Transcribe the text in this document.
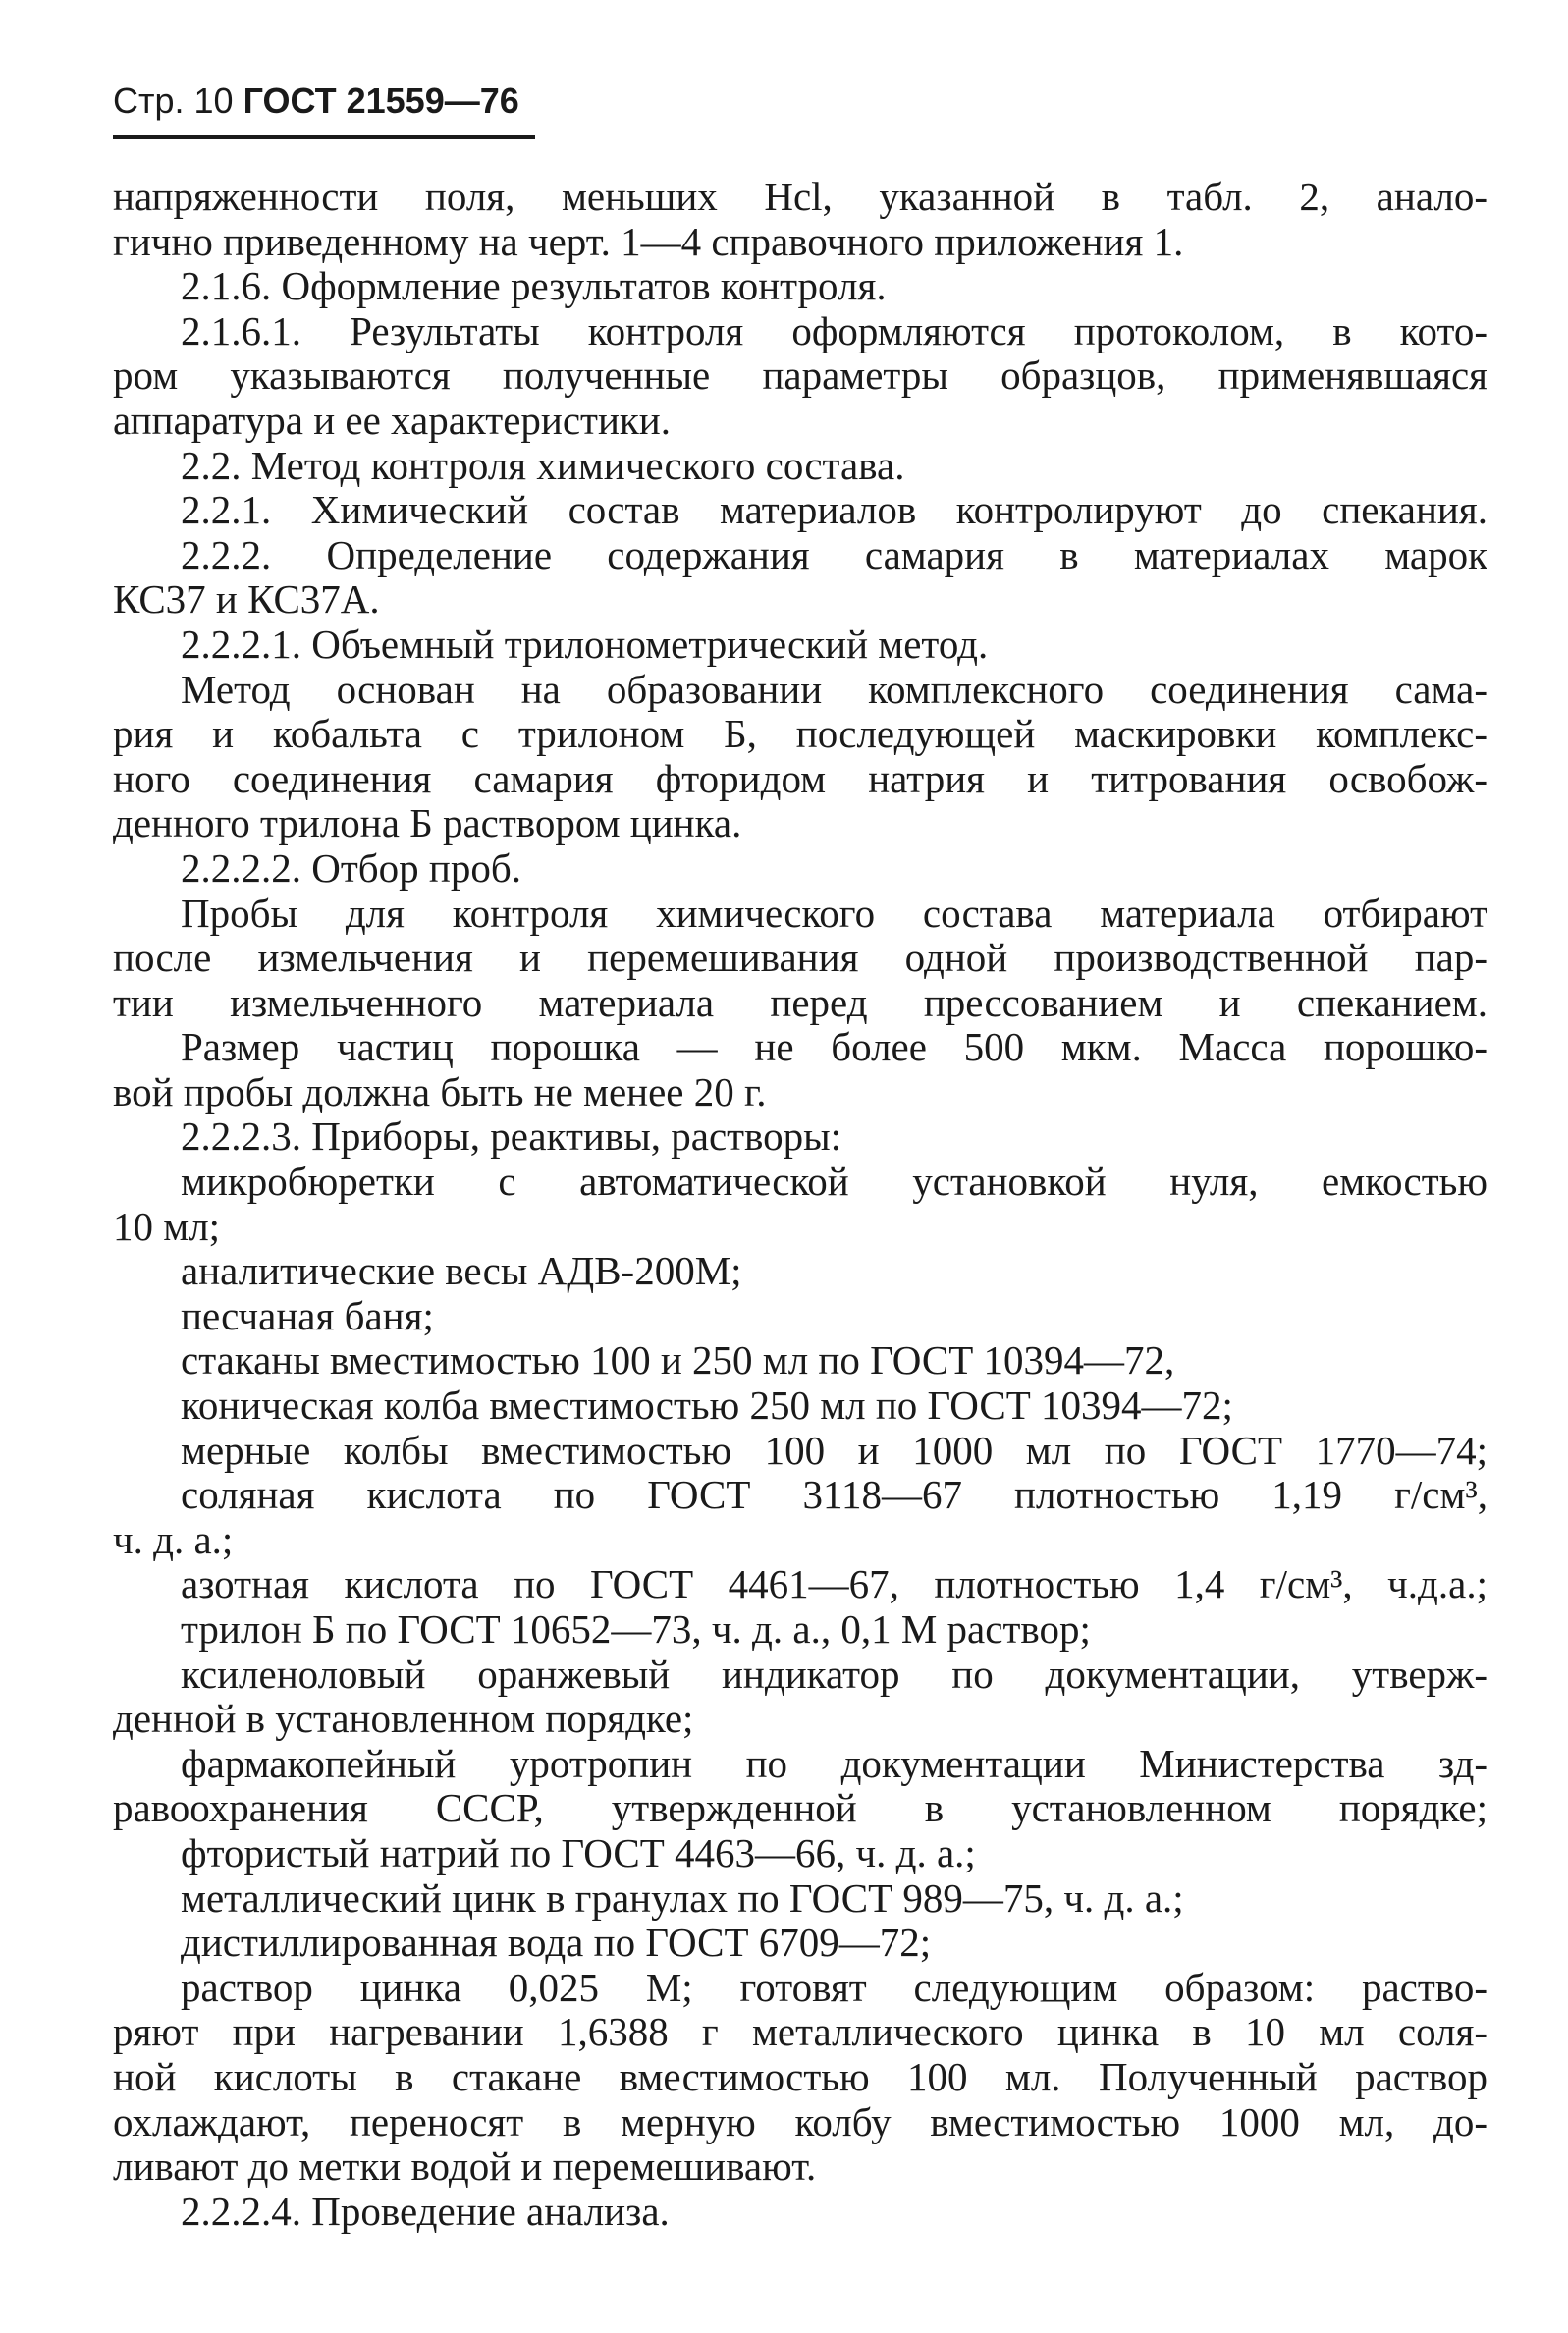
Стр. 10 ГОСТ 21559—76
напряженности поля, меньших Hcl, указанной в табл. 2, анало-
гично приведенному на черт. 1—4 справочного приложения 1.
2.1.6. Оформление результатов контроля.
2.1.6.1. Результаты контроля оформляются протоколом, в кото-
ром указываются полученные параметры образцов, применявшаяся
аппаратура и ее характеристики.
2.2. Метод контроля химического состава.
2.2.1. Химический состав материалов контролируют до спекания.
2.2.2. Определение содержания самария в материалах марок
КС37 и КС37А.
2.2.2.1. Объемный трилонометрический метод.
Метод основан на образовании комплексного соединения сама-
рия и кобальта с трилоном Б, последующей маскировки комплекс-
ного соединения самария фторидом натрия и титрования освобож-
денного трилона Б раствором цинка.
2.2.2.2. Отбор проб.
Пробы для контроля химического состава материала отбирают
после измельчения и перемешивания одной производственной пар-
тии измельченного материала перед прессованием и спеканием.
Размер частиц порошка — не более 500 мкм. Масса порошко-
вой пробы должна быть не менее 20 г.
2.2.2.3. Приборы, реактивы, растворы:
микробюретки с автоматической установкой нуля, емкостью
10 мл;
аналитические весы АДВ-200М;
песчаная баня;
стаканы вместимостью 100 и 250 мл по ГОСТ 10394—72,
коническая колба вместимостью 250 мл по ГОСТ 10394—72;
мерные колбы вместимостью 100 и 1000 мл по ГОСТ 1770—74;
соляная кислота по ГОСТ 3118—67 плотностью 1,19 г/см³,
ч. д. а.;
азотная кислота по ГОСТ 4461—67, плотностью 1,4 г/см³, ч.д.а.;
трилон Б по ГОСТ 10652—73, ч. д. а., 0,1 М раствор;
ксиленоловый оранжевый индикатор по документации, утверж-
денной в установленном порядке;
фармакопейный уротропин по документации Министерства зд-
равоохранения СССР, утвержденной в установленном порядке;
фтористый натрий по ГОСТ 4463—66, ч. д. а.;
металлический цинк в гранулах по ГОСТ 989—75, ч. д. а.;
дистиллированная вода по ГОСТ 6709—72;
раствор цинка 0,025 М; готовят следующим образом: раство-
ряют при нагревании 1,6388 г металлического цинка в 10 мл соля-
ной кислоты в стакане вместимостью 100 мл. Полученный раствор
охлаждают, переносят в мерную колбу вместимостью 1000 мл, до-
ливают до метки водой и перемешивают.
2.2.2.4. Проведение анализа.
